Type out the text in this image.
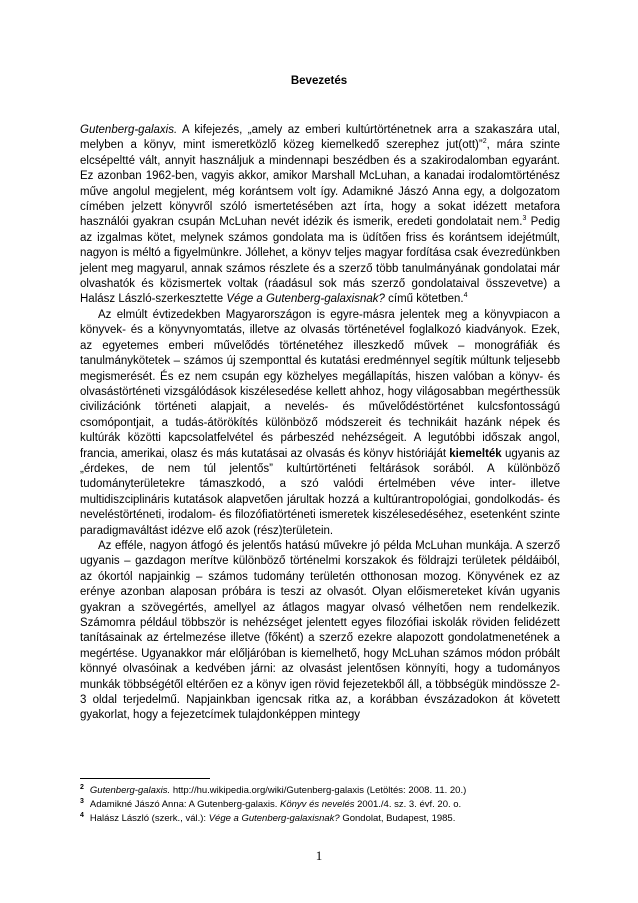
Bevezetés

Gutenberg-galaxis. A kifejezés, „amely az emberi kultúrtörténetnek arra a szakaszára utal, melyben a könyv, mint ismeretközlő közeg kiemelkedő szerephez jut(ott)”$^2$, mára szinte elcsépeltté vált, annyit használjuk a mindennapi beszédben és a szakirodalomban egyaránt. Ez azonban 1962-ben, vagyis akkor, amikor Marshall McLuhan, a kanadai irodalomtörténész műve angolul megjelent, még korántsem volt így. Adamikné Jászó Anna egy, a dolgozatom címében jelzett könyvről szóló ismertetésében azt írta, hogy a sokat idézett metafora használói gyakran csupán McLuhan nevét idézik és ismerik, eredeti gondolatait nem.$^3$ Pedig az izgalmas kötet, melynek számos gondolata ma is üdítően friss és korántsem idejétmúlt, nagyon is méltó a figyelmünkre. Jóllehet, a könyv teljes magyar fordítása csak évezredünkben jelent meg magyarul, annak számos részlete és a szerző több tanulmányának gondolatai már olvashatók és közismertek voltak (ráadásul sok más szerző gondolataival összevetve) a Halász László-szerkesztette Vége a Gutenberg-galaxisnak? című kötetben.$^4$

Az elmúlt évtizedekben Magyarországon is egyre-másra jelentek meg a könyvpiacon a könyvek- és a könyvnyomtatás, illetve az olvasás történetével foglalkozó kiadványok. Ezek, az egyetemes emberi művelődés történetéhez illeszkedő művek – monográfiák és tanulmánykötetek – számos új szemponttal és kutatási eredménnyel segítik múltunk teljesebb megismerését. És ez nem csupán egy közhelyes megállapítás, hiszen valóban a könyv- és olvasástörténeti vizsgálódások kiszélesedése kellett ahhoz, hogy világosabban megérthessük civilizációnk történeti alapjait, a nevelés- és művelődéstörténet kulcsfontosságú csomópontjait, a tudás-átörökítés különböző módszereit és technikáit hazánk népek és kultúrák közötti kapcsolatfelvétel és párbeszéd nehézségeit. A legutóbbi időszak angol, francia, amerikai, olasz és más kutatásai az olvasás és könyv históriáját kiemelték ugyanis az „érdekes, de nem túl jelentős” kultúrtörténeti feltárások sorából. A különböző tudományterületekre támaszkodó, a szó valódi értelmében véve inter- illetve multidiszciplináris kutatások alapvetően járultak hozzá a kultúrantropológiai, gondolkodás- és neveléstörténeti, irodalom- és filozófiatörténeti ismeretek kiszélesedéséhez, esetenként szinte paradigmaváltást idézve elő azok (rész)területein.

Az efféle, nagyon átfogó és jelentős hatású művekre jó példa McLuhan munkája. A szerző ugyanis – gazdagon merítve különböző történelmi korszakok és földrajzi területek példáiból, az ókortól napjainkig – számos tudomány területén otthonosan mozog. Könyvének ez az erénye azonban alaposan próbára is teszi az olvasót. Olyan előismereteket kíván ugyanis gyakran a szövegértés, amellyel az átlagos magyar olvasó vélhetően nem rendelkezik. Számomra például többször is nehézséget jelentett egyes filozófiai iskolák röviden felidézett tanításainak az értelmezése illetve (főként) a szerző ezekre alapozott gondolatmenetének a megértése. Ugyanakkor már előljáróban is kiemelhető, hogy McLuhan számos módon próbált könnyé olvasóinak a kedvében járni: az olvasást jelentősen könnyíti, hogy a tudományos munkák többségétől eltérően ez a könyv igen rövid fejezetekből áll, a többségük mindössze 2-3 oldal terjedelmű. Napjainkban igencsak ritka az, a korábban évszázadokon át követett gyakorlat, hogy a fejezetcímek tulajdonképpen mintegy

$^2$ Gutenberg-galaxis. http://hu.wikipedia.org/wiki/Gutenberg-galaxis (Letöltés: 2008. 11. 20.)
$^3$ Adamikné Jászó Anna: A Gutenberg-galaxis. Könyv és nevelés 2001./4. sz. 3. évf. 20. o.
$^4$ Halász László (szerk., vál.): Vége a Gutenberg-galaxisnak? Gondolat, Budapest, 1985.
1
